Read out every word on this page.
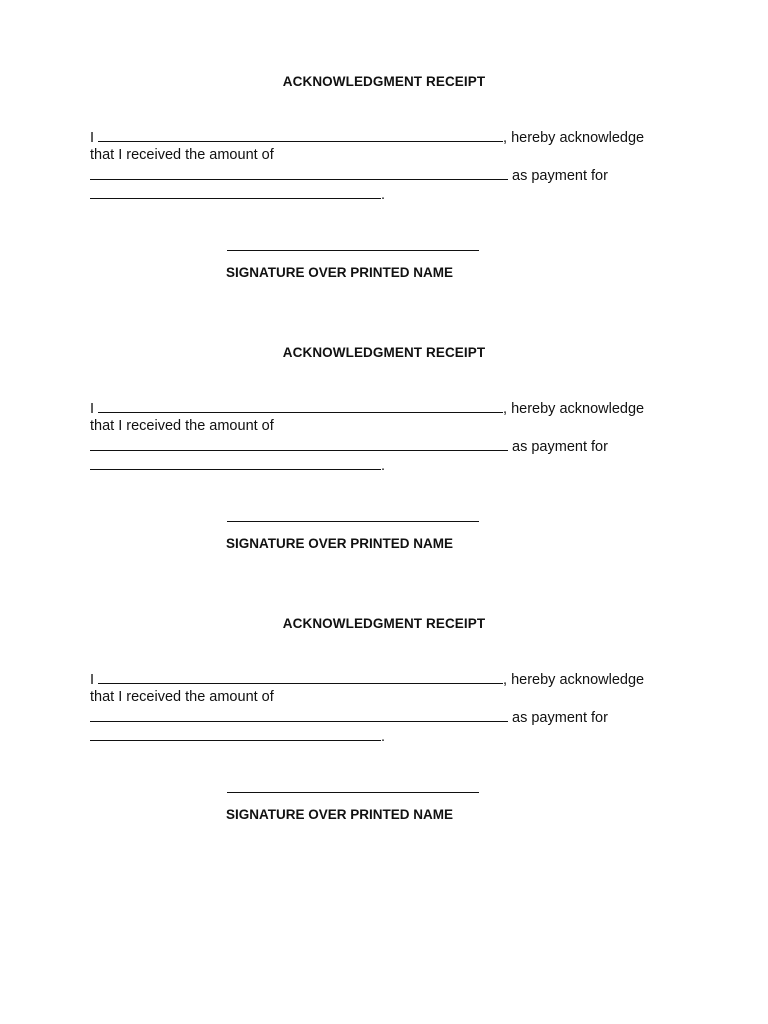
ACKNOWLEDGMENT RECEIPT
I	, hereby acknowledge
that I received the amount of
as payment for
.
SIGNATURE OVER PRINTED NAME
ACKNOWLEDGMENT RECEIPT
I	, hereby acknowledge
that I received the amount of
as payment for
.
SIGNATURE OVER PRINTED NAME
ACKNOWLEDGMENT RECEIPT
I	, hereby acknowledge
that I received the amount of
as payment for
.
SIGNATURE OVER PRINTED NAME
